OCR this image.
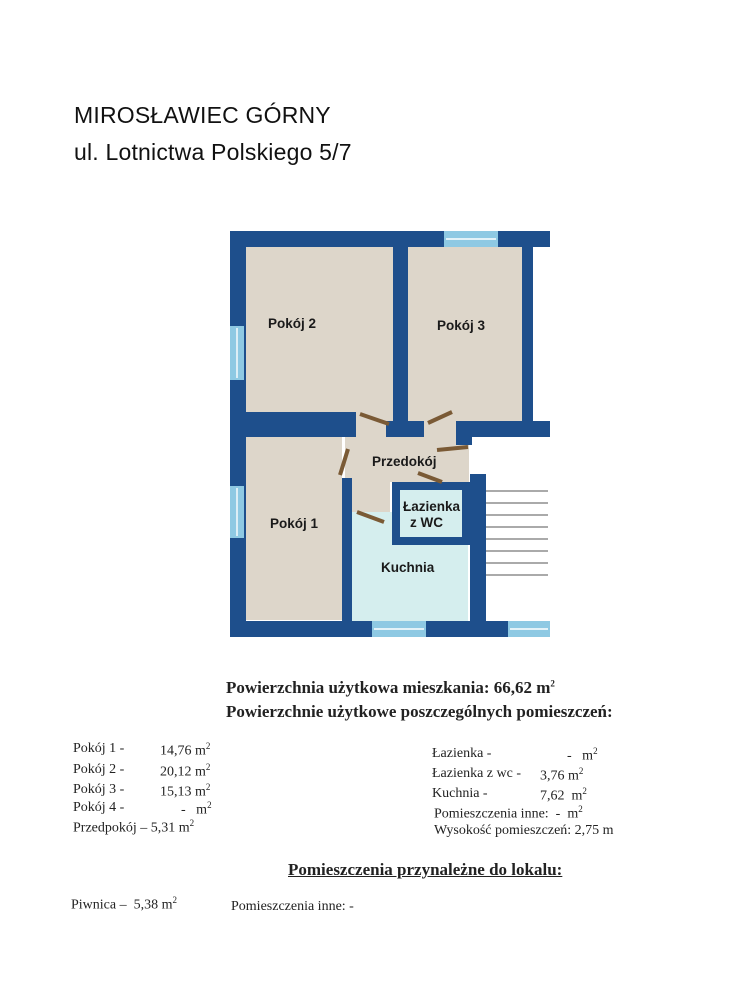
MIROSŁAWIEC GÓRNY
ul. Lotnictwa Polskiego 5/7
Pokój 2	Pokój 3
Przedokój
Łazienka
z WC
Pokój 1
Kuchnia
Powierzchnia użytkowa mieszkania: 66,62 $m^2$
Powierzchnie użytkowe poszczególnych pomieszczeń:
Pokój 1 -	14,76 $m^2$
Pokój 2 -	20,12 $m^2$
Pokój 3 -	15,13 $m^2$
Pokój 4 -	-   $m^2$
Przedpokój – 5,31 $m^2$
Łazienka -	-   $m^2$
Łazienka z wc - 3,76 $m^2$
Kuchnia -	7,62  $m^2$
Pomieszczenia inne:  -  $m^2$
Wysokość pomieszczeń: 2,75 m
Pomieszczenia przynależne do lokalu:
Piwnica –  5,38 $m^2$	Pomieszczenia inne: -
